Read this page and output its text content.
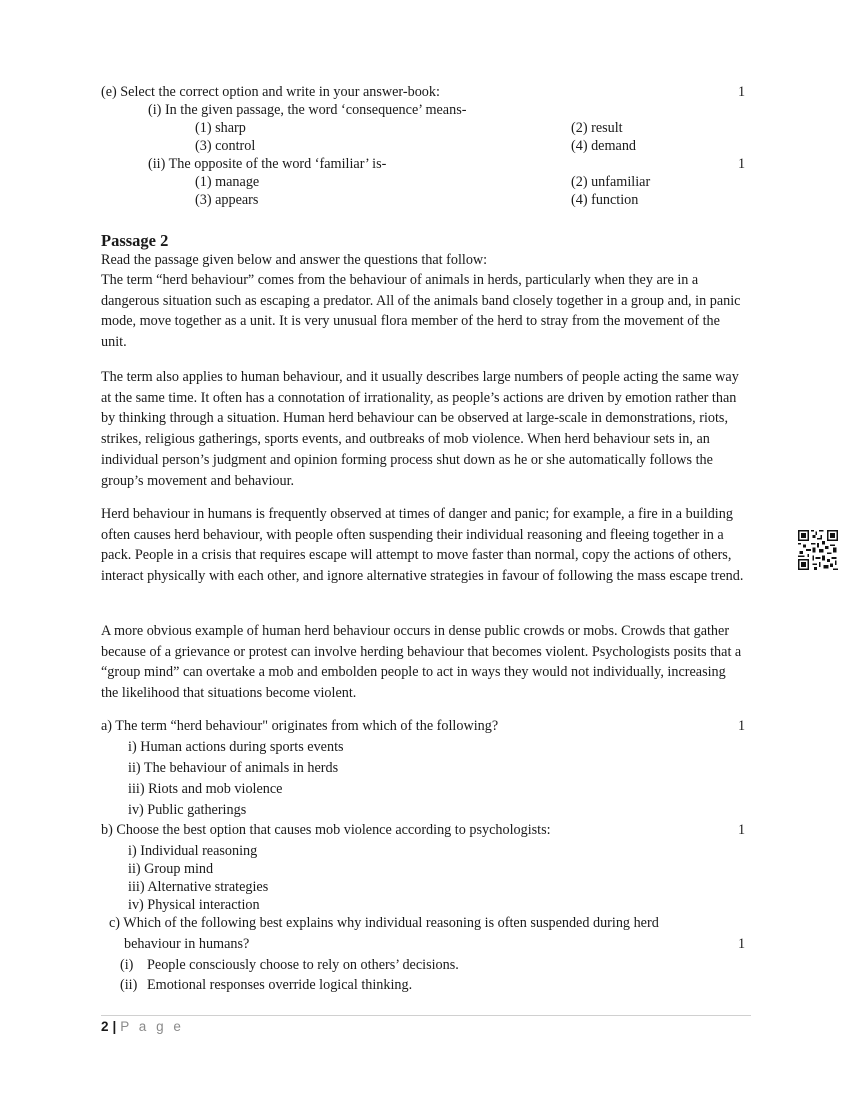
(e) Select the correct option and write in your answer-book:	1
(i) In the given passage, the word ‘consequence’ means-
(1) sharp	(2) result
(3) control	(4) demand
(ii) The opposite of the word ‘familiar’ is-	1
(1) manage	(2) unfamiliar
(3) appears	(4) function
Passage 2
Read the passage given below and answer the questions that follow:
The term “herd behaviour” comes from the behaviour of animals in herds, particularly when they are in a dangerous situation such as escaping a predator. All of the animals band closely together in a group and, in panic mode, move together as a unit. It is very unusual flora member of the herd to stray from the movement of the unit.
The term also applies to human behaviour, and it usually describes large numbers of people acting the same way at the same time. It often has a connotation of irrationality, as people’s actions are driven by emotion rather than by thinking through a situation. Human herd behaviour can be observed at large-scale in demonstrations, riots, strikes, religious gatherings, sports events, and outbreaks of mob violence. When herd behaviour sets in, an individual person’s judgment and opinion forming process shut down as he or she automatically follows the group’s movement and behaviour.
Herd behaviour in humans is frequently observed at times of danger and panic; for example, a fire in a building often causes herd behaviour, with people often suspending their individual reasoning and fleeing together in a pack. People in a crisis that requires escape will attempt to move faster than normal, copy the actions of others, interact physically with each other, and ignore alternative strategies in favour of following the mass escape trend.
A more obvious example of human herd behaviour occurs in dense public crowds or mobs. Crowds that gather because of a grievance or protest can involve herding behaviour that becomes violent. Psychologists posits that a “group mind” can overtake a mob and embolden people to act in ways they would not individually, increasing the likelihood that situations become violent.
a) The term “herd behaviour" originates from which of the following?	1
i) Human actions during sports events
ii) The behaviour of animals in herds
iii) Riots and mob violence
iv) Public gatherings
b) Choose the best option that causes mob violence according to psychologists:	1
i) Individual reasoning
ii) Group mind
iii) Alternative strategies
iv) Physical interaction
c) Which of the following best explains why individual reasoning is often suspended during herd
behaviour in humans?	1
(i) People consciously choose to rely on others’ decisions.
(ii) Emotional responses override logical thinking.
2 | P a g e
